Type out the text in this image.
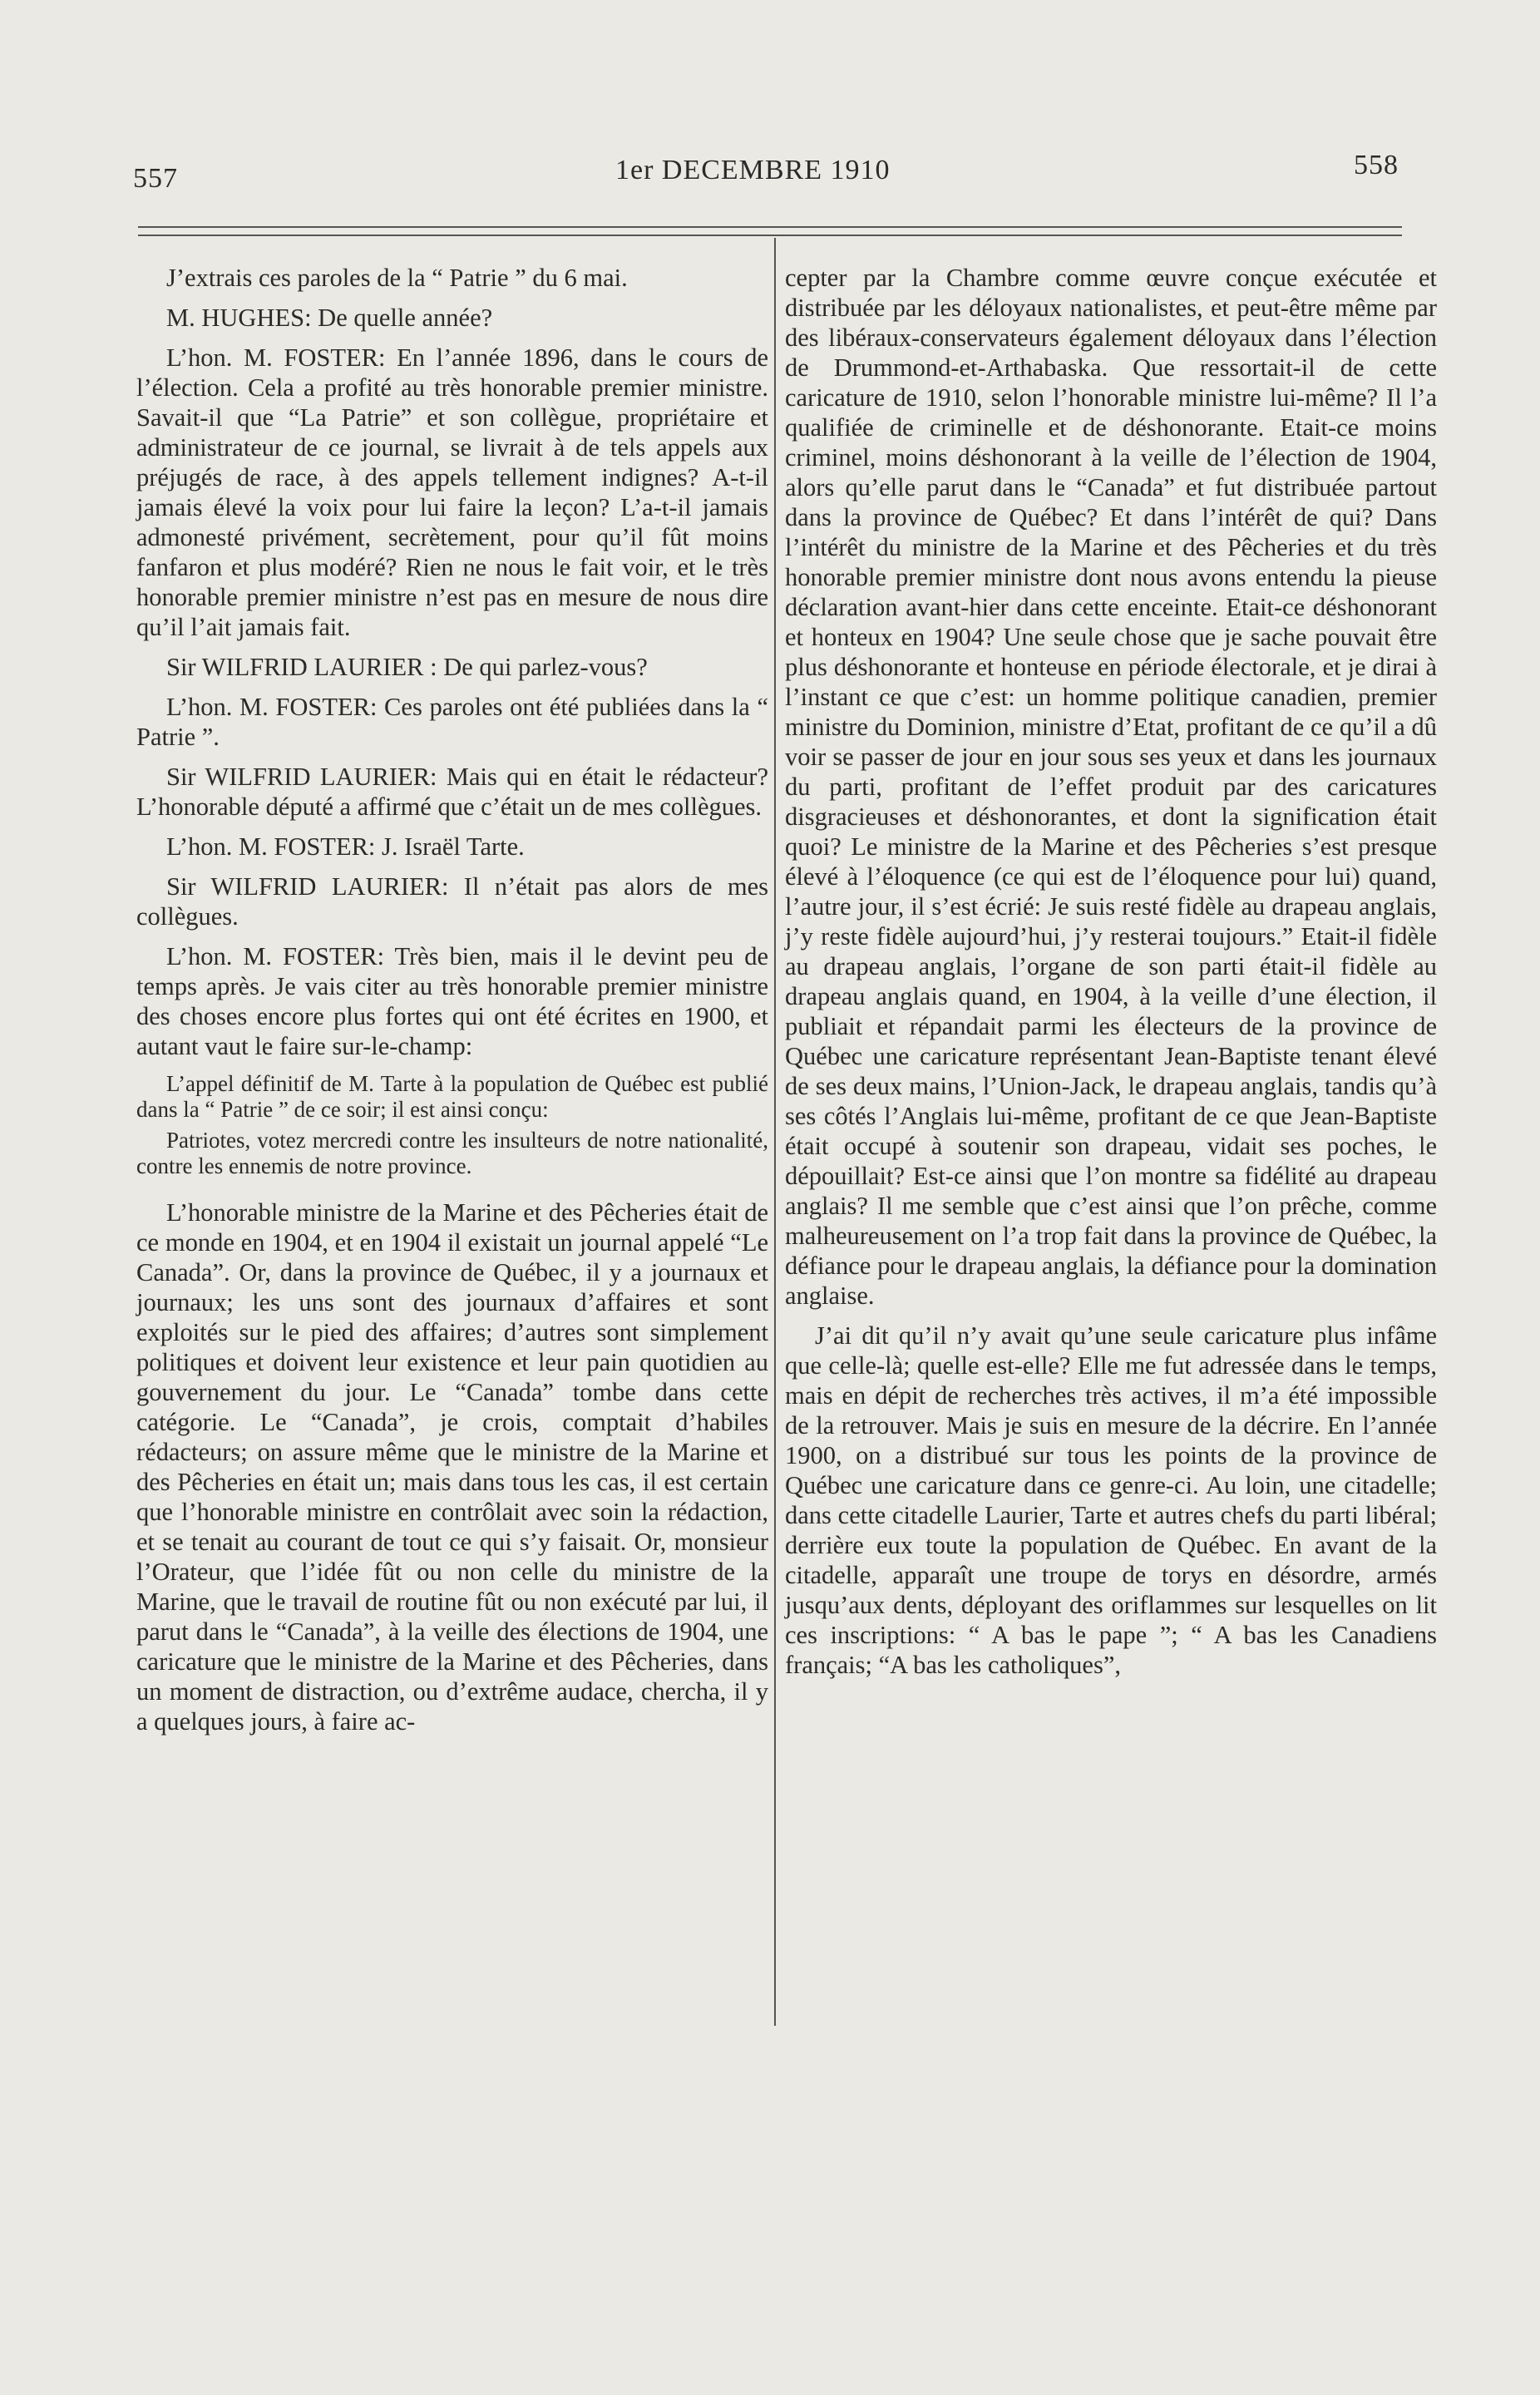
557	1er DECEMBRE 1910	558

J’extrais ces paroles de la “ Patrie ” du 6 mai.

M. HUGHES: De quelle année?

L’hon. M. FOSTER: En l’année 1896, dans le cours de l’élection. Cela a profité au très honorable premier ministre. Savait-il que “La Patrie” et son collègue, propriétaire et administrateur de ce journal, se livrait à de tels appels aux préjugés de race, à des appels tellement indignes? A-t-il jamais élevé la voix pour lui faire la leçon? L’a-t-il jamais admonesté privément, secrètement, pour qu’il fût moins fanfaron et plus modéré? Rien ne nous le fait voir, et le très honorable premier ministre n’est pas en mesure de nous dire qu’il l’ait jamais fait.

Sir WILFRID LAURIER : De qui parlez-vous?

L’hon. M. FOSTER: Ces paroles ont été publiées dans la “ Patrie ”.

Sir WILFRID LAURIER: Mais qui en était le rédacteur? L’honorable député a affirmé que c’était un de mes collègues.

L’hon. M. FOSTER: J. Israël Tarte.

Sir WILFRID LAURIER: Il n’était pas alors de mes collègues.

L’hon. M. FOSTER: Très bien, mais il le devint peu de temps après. Je vais citer au très honorable premier ministre des choses encore plus fortes qui ont été écrites en 1900, et autant vaut le faire sur-le-champ:

L’appel définitif de M. Tarte à la population de Québec est publié dans la “ Patrie ” de ce soir; il est ainsi conçu:

Patriotes, votez mercredi contre les insulteurs de notre nationalité, contre les ennemis de notre province.

L’honorable ministre de la Marine et des Pêcheries était de ce monde en 1904, et en 1904 il existait un journal appelé “Le Canada”. Or, dans la province de Québec, il y a journaux et journaux; les uns sont des journaux d’affaires et sont exploités sur le pied des affaires; d’autres sont simplement politiques et doivent leur existence et leur pain quotidien au gouvernement du jour. Le “Canada” tombe dans cette catégorie. Le “Canada”, je crois, comptait d’habiles rédacteurs; on assure même que le ministre de la Marine et des Pêcheries en était un; mais dans tous les cas, il est certain que l’honorable ministre en contrôlait avec soin la rédaction, et se tenait au courant de tout ce qui s’y faisait. Or, monsieur l’Orateur, que l’idée fût ou non celle du ministre de la Marine, que le travail de routine fût ou non exécuté par lui, il parut dans le “Canada”, à la veille des élections de 1904, une caricature que le ministre de la Marine et des Pêcheries, dans un moment de distraction, ou d’extrême audace, chercha, il y a quelques jours, à faire ac-

cepter par la Chambre comme œuvre conçue exécutée et distribuée par les déloyaux nationalistes, et peut-être même par des libéraux-conservateurs également déloyaux dans l’élection de Drummond-et-Arthabaska. Que ressortait-il de cette caricature de 1910, selon l’honorable ministre lui-même? Il l’a qualifiée de criminelle et de déshonorante. Etait-ce moins criminel, moins déshonorant à la veille de l’élection de 1904, alors qu’elle parut dans le “Canada” et fut distribuée partout dans la province de Québec? Et dans l’intérêt de qui? Dans l’intérêt du ministre de la Marine et des Pêcheries et du très honorable premier ministre dont nous avons entendu la pieuse déclaration avant-hier dans cette enceinte. Etait-ce déshonorant et honteux en 1904? Une seule chose que je sache pouvait être plus déshonorante et honteuse en période électorale, et je dirai à l’instant ce que c’est: un homme politique canadien, premier ministre du Dominion, ministre d’Etat, profitant de ce qu’il a dû voir se passer de jour en jour sous ses yeux et dans les journaux du parti, profitant de l’effet produit par des caricatures disgracieuses et déshonorantes, et dont la signification était quoi? Le ministre de la Marine et des Pêcheries s’est presque élevé à l’éloquence (ce qui est de l’éloquence pour lui) quand, l’autre jour, il s’est écrié: Je suis resté fidèle au drapeau anglais, j’y reste fidèle aujourd’hui, j’y resterai toujours.” Etait-il fidèle au drapeau anglais, l’organe de son parti était-il fidèle au drapeau anglais quand, en 1904, à la veille d’une élection, il publiait et répandait parmi les électeurs de la province de Québec une caricature représentant Jean-Baptiste tenant élevé de ses deux mains, l’Union-Jack, le drapeau anglais, tandis qu’à ses côtés l’Anglais lui-même, profitant de ce que Jean-Baptiste était occupé à soutenir son drapeau, vidait ses poches, le dépouillait? Est-ce ainsi que l’on montre sa fidélité au drapeau anglais? Il me semble que c’est ainsi que l’on prêche, comme malheureusement on l’a trop fait dans la province de Québec, la défiance pour le drapeau anglais, la défiance pour la domination anglaise.

J’ai dit qu’il n’y avait qu’une seule caricature plus infâme que celle-là; quelle est-elle? Elle me fut adressée dans le temps, mais en dépit de recherches très actives, il m’a été impossible de la retrouver. Mais je suis en mesure de la décrire. En l’année 1900, on a distribué sur tous les points de la province de Québec une caricature dans ce genre-ci. Au loin, une citadelle; dans cette citadelle Laurier, Tarte et autres chefs du parti libéral; derrière eux toute la population de Québec. En avant de la citadelle, apparaît une troupe de torys en désordre, armés jusqu’aux dents, déployant des oriflammes sur lesquelles on lit ces inscriptions: “ A bas le pape ”; “ A bas les Canadiens français; “A bas les catholiques”,
